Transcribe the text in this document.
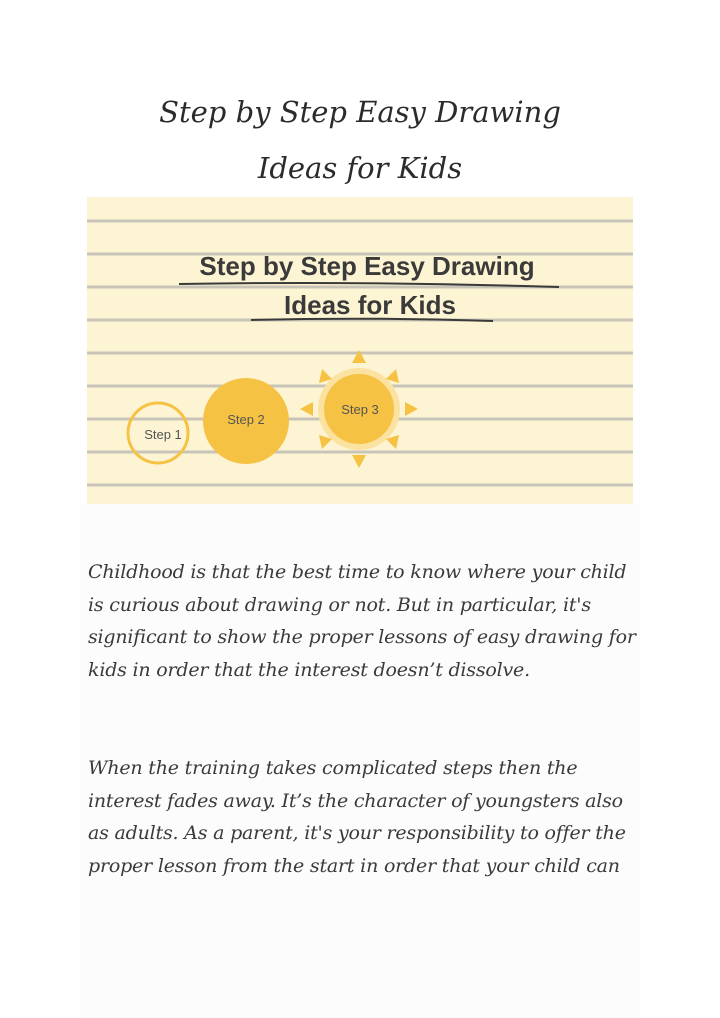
Step by Step Easy Drawing
Ideas for Kids
Step by Step Easy Drawing
Ideas for Kids
Step 1
Step 2
Step 3

Childhood is that the best time to know where your child is curious about drawing or not. But in particular, it's significant to show the proper lessons of easy drawing for kids in order that the interest doesn’t dissolve.

When the training takes complicated steps then the interest fades away. It’s the character of youngsters also as adults. As a parent, it's your responsibility to offer the proper lesson from the start in order that your child can
